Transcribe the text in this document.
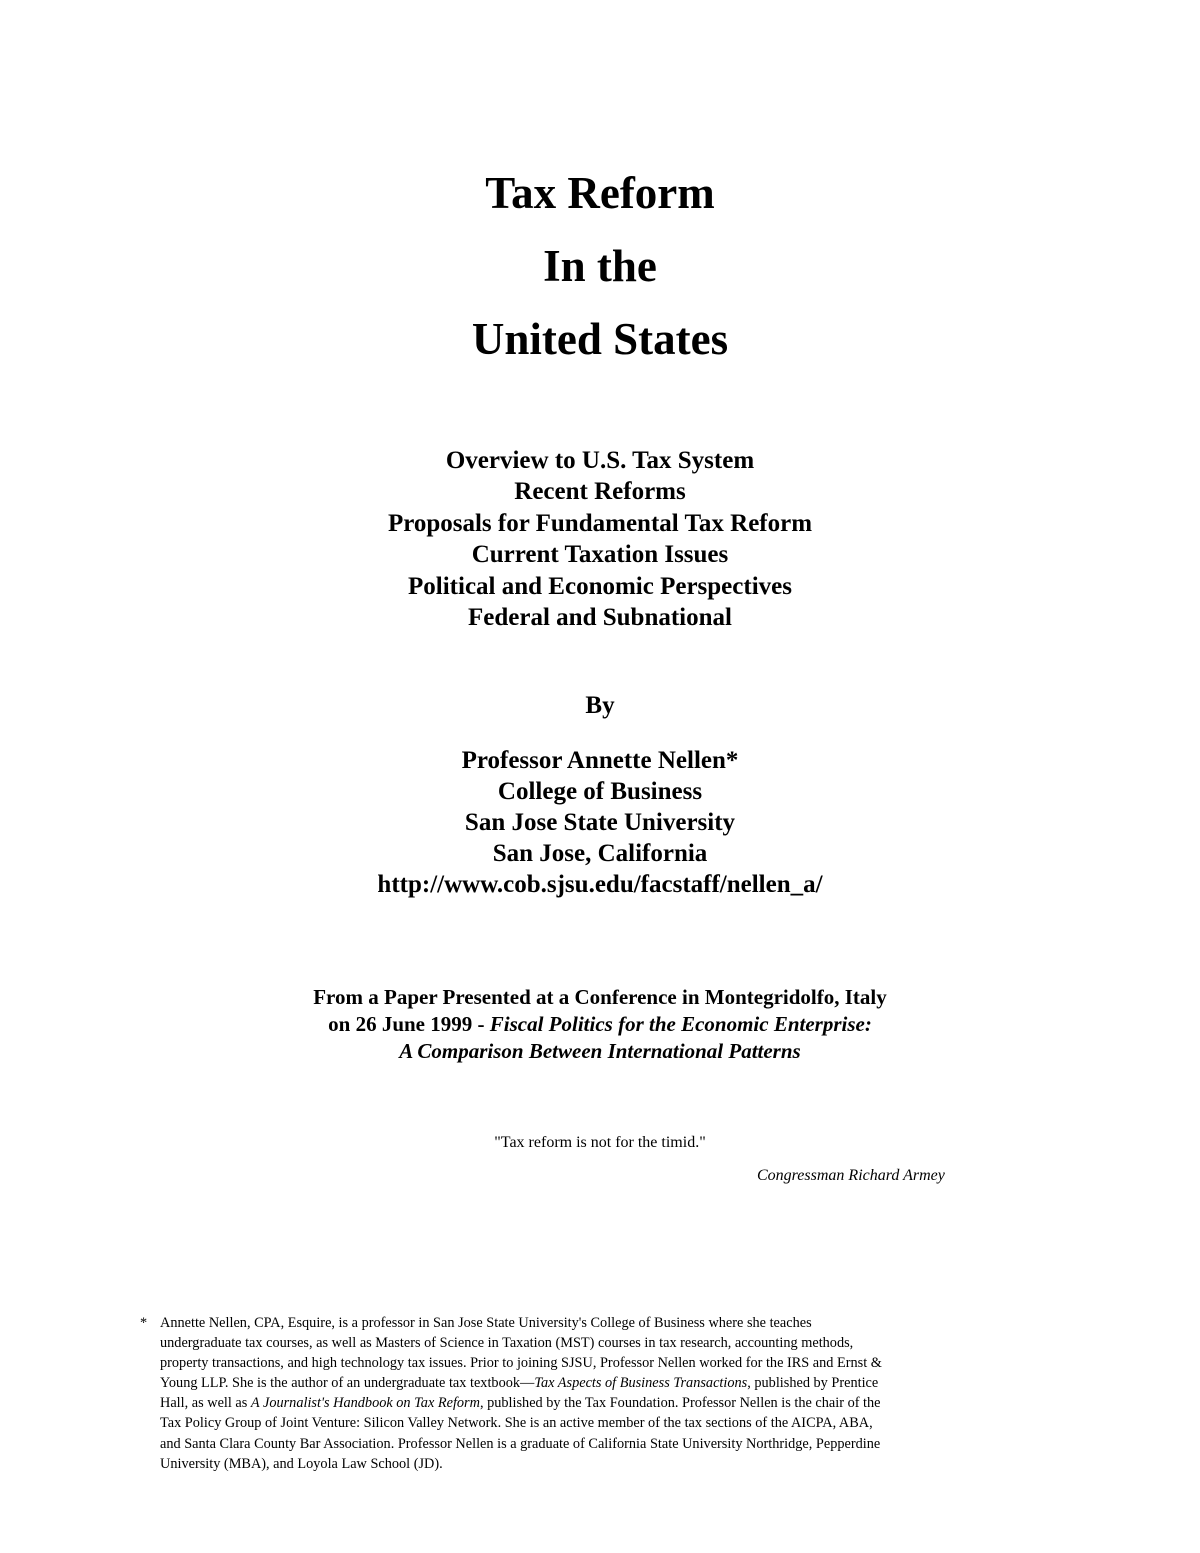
Tax Reform
In the
United States
Overview to U.S. Tax System
Recent Reforms
Proposals for Fundamental Tax Reform
Current Taxation Issues
Political and Economic Perspectives
Federal and Subnational
By
Professor Annette Nellen*
College of Business
San Jose State University
San Jose, California
http://www.cob.sjsu.edu/facstaff/nellen_a/
From a Paper Presented at a Conference in Montegridolfo, Italy
on 26 June 1999 - Fiscal Politics for the Economic Enterprise:
A Comparison Between International Patterns
"Tax reform is not for the timid."
Congressman Richard Armey
* Annette Nellen, CPA, Esquire, is a professor in San Jose State University's College of Business where she teaches
undergraduate tax courses, as well as Masters of Science in Taxation (MST) courses in tax research, accounting methods,
property transactions, and high technology tax issues. Prior to joining SJSU, Professor Nellen worked for the IRS and Ernst &
Young LLP. She is the author of an undergraduate tax textbook—Tax Aspects of Business Transactions, published by Prentice
Hall, as well as A Journalist's Handbook on Tax Reform, published by the Tax Foundation. Professor Nellen is the chair of the
Tax Policy Group of Joint Venture: Silicon Valley Network. She is an active member of the tax sections of the AICPA, ABA,
and Santa Clara County Bar Association. Professor Nellen is a graduate of California State University Northridge, Pepperdine
University (MBA), and Loyola Law School (JD).
